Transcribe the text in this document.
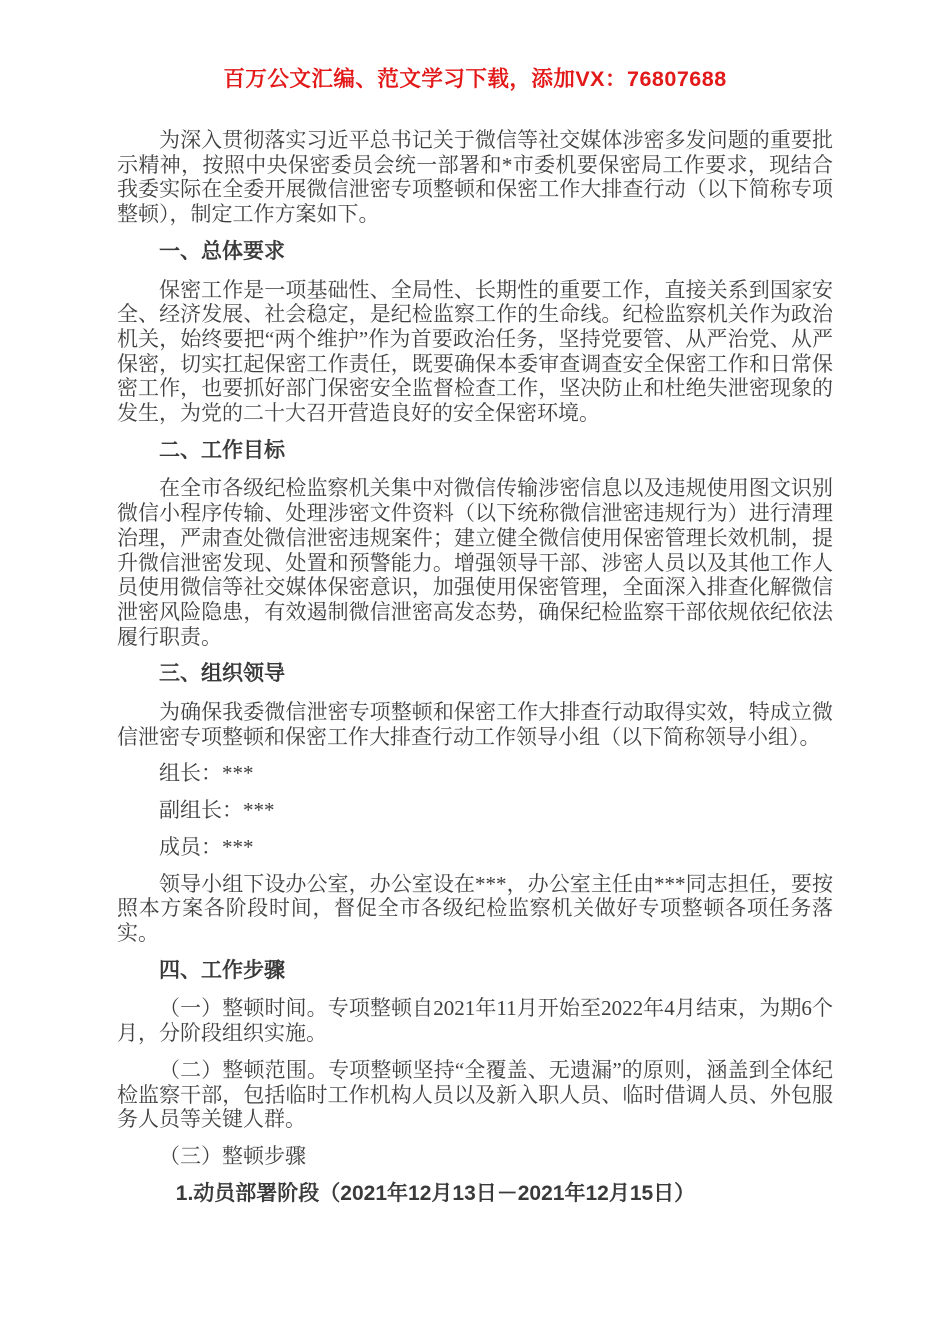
百万公文汇编、范文学习下载，添加VX：76807688

为深入贯彻落实习近平总书记关于微信等社交媒体涉密多发问题的重要批示精神，按照中央保密委员会统一部署和*市委机要保密局工作要求，现结合我委实际在全委开展微信泄密专项整顿和保密工作大排查行动（以下简称专项整顿），制定工作方案如下。

一、总体要求

保密工作是一项基础性、全局性、长期性的重要工作，直接关系到国家安全、经济发展、社会稳定，是纪检监察工作的生命线。纪检监察机关作为政治机关，始终要把“两个维护”作为首要政治任务，坚持党要管、从严治党、从严保密，切实扛起保密工作责任，既要确保本委审查调查安全保密工作和日常保密工作，也要抓好部门保密安全监督检查工作，坚决防止和杜绝失泄密现象的发生，为党的二十大召开营造良好的安全保密环境。

二、工作目标

在全市各级纪检监察机关集中对微信传输涉密信息以及违规使用图文识别微信小程序传输、处理涉密文件资料（以下统称微信泄密违规行为）进行清理治理，严肃查处微信泄密违规案件；建立健全微信使用保密管理长效机制，提升微信泄密发现、处置和预警能力。增强领导干部、涉密人员以及其他工作人员使用微信等社交媒体保密意识，加强使用保密管理，全面深入排查化解微信泄密风险隐患，有效遏制微信泄密高发态势，确保纪检监察干部依规依纪依法履行职责。

三、组织领导

为确保我委微信泄密专项整顿和保密工作大排查行动取得实效，特成立微信泄密专项整顿和保密工作大排查行动工作领导小组（以下简称领导小组）。

组长：***

副组长：***

成员：***

领导小组下设办公室，办公室设在***，办公室主任由***同志担任，要按照本方案各阶段时间，督促全市各级纪检监察机关做好专项整顿各项任务落实。

四、工作步骤

（一）整顿时间。专项整顿自2021年11月开始至2022年4月结束，为期6个月，分阶段组织实施。

（二）整顿范围。专项整顿坚持“全覆盖、无遗漏”的原则，涵盖到全体纪检监察干部，包括临时工作机构人员以及新入职人员、临时借调人员、外包服务人员等关键人群。

（三）整顿步骤

1.动员部署阶段（2021年12月13日－2021年12月15日）
